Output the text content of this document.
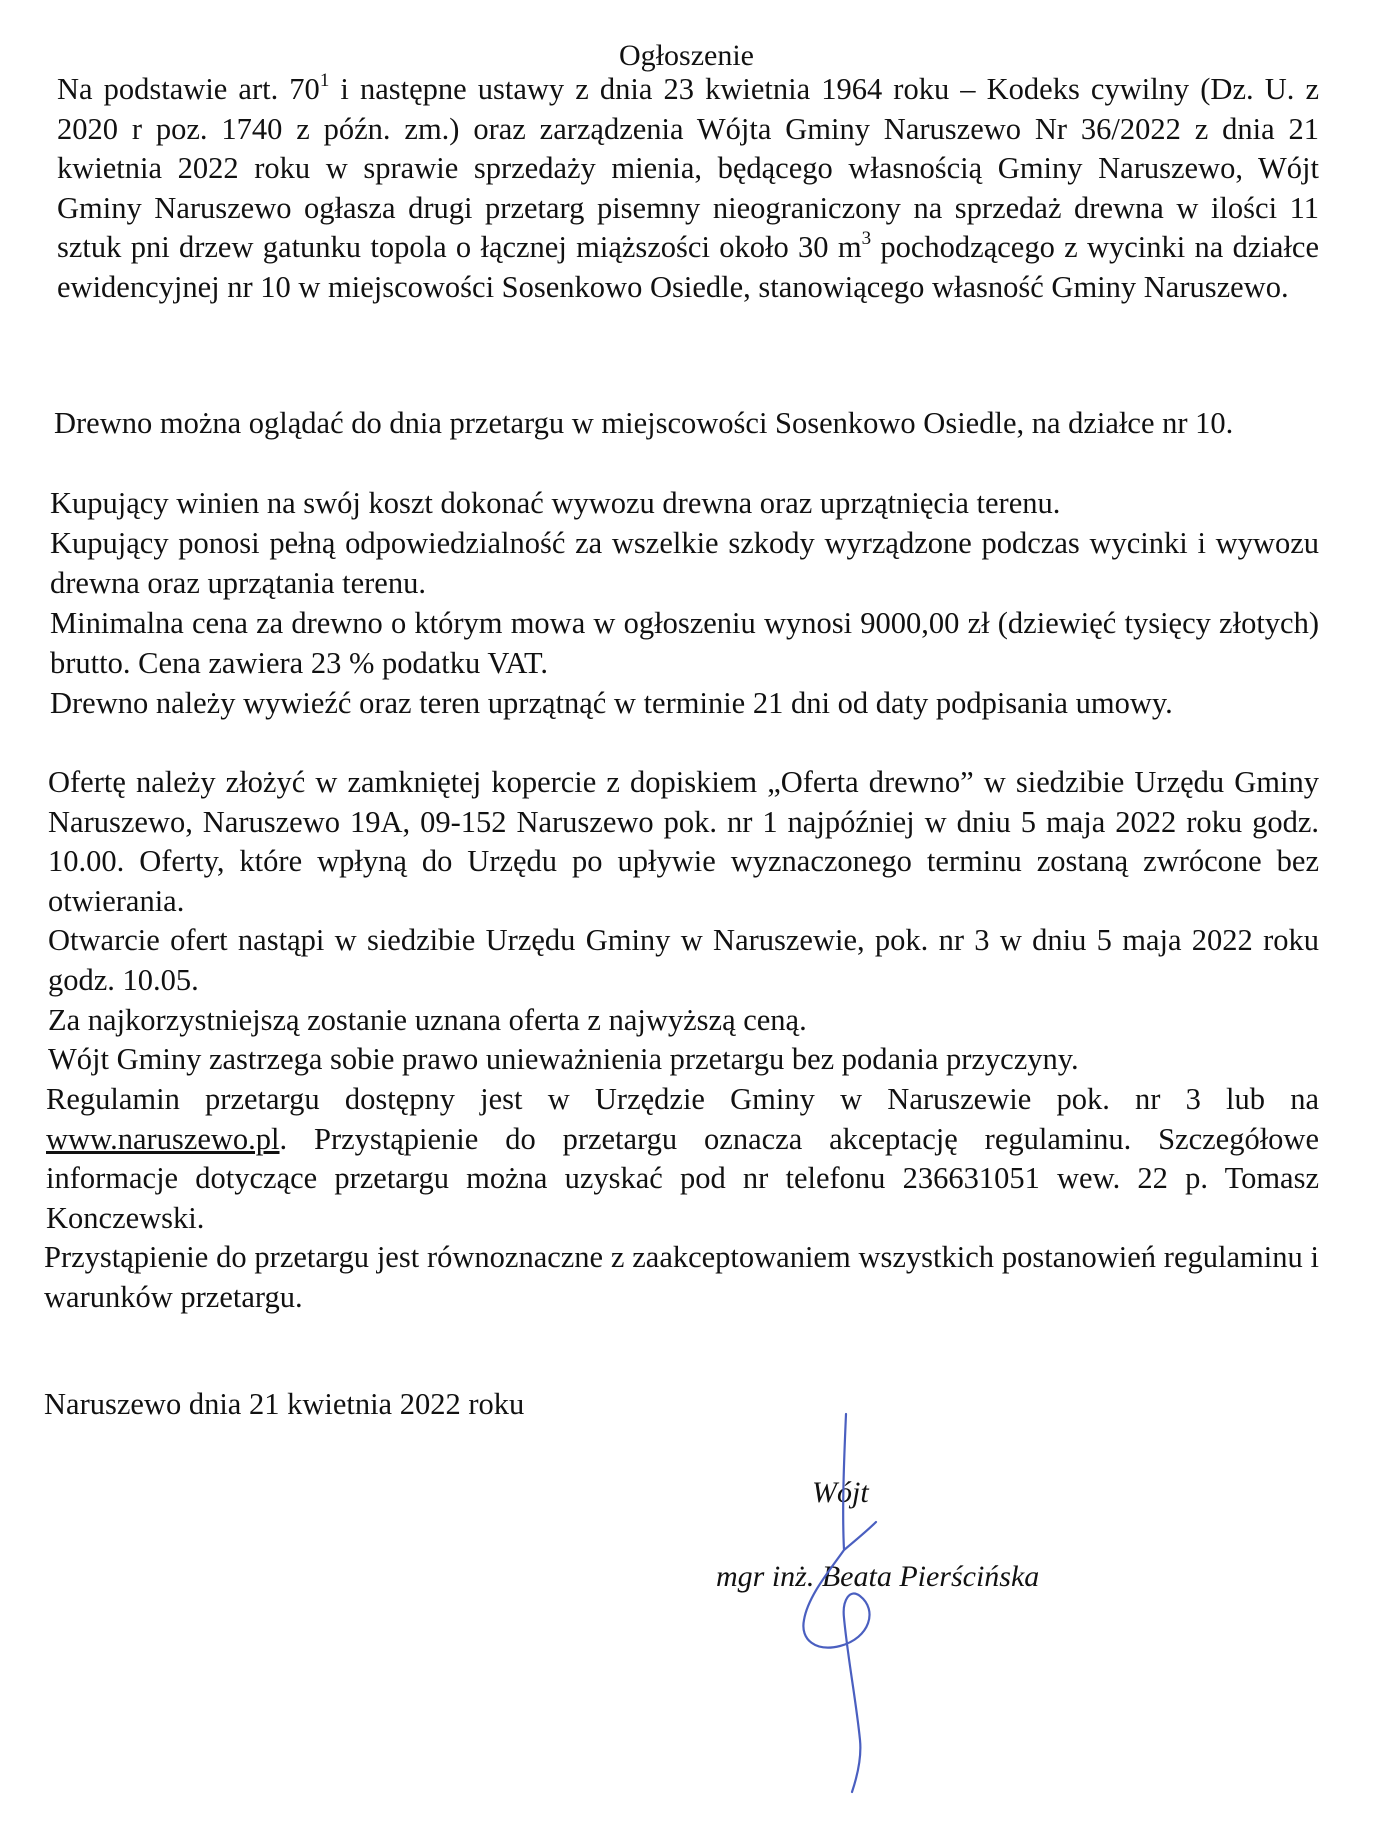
Ogłoszenie

Na podstawie art. $70^1$ i następne ustawy z dnia 23 kwietnia 1964 roku – Kodeks cywilny (Dz. U. z 2020 r poz. 1740 z późn. zm.) oraz zarządzenia Wójta Gminy Naruszewo Nr 36/2022 z dnia 21 kwietnia 2022 roku w sprawie sprzedaży mienia, będącego własnością Gminy Naruszewo, Wójt Gminy Naruszewo ogłasza drugi przetarg pisemny nieograniczony na sprzedaż drewna w ilości 11 sztuk pni drzew gatunku topola o łącznej miąższości około 30 $m^3$ pochodzącego z wycinki na działce ewidencyjnej nr 10 w miejscowości Sosenkowo Osiedle, stanowiącego własność Gminy Naruszewo.

Drewno można oglądać do dnia przetargu w miejscowości Sosenkowo Osiedle, na działce nr 10.

Kupujący winien na swój koszt dokonać wywozu drewna oraz uprzątnięcia terenu.

Kupujący ponosi pełną odpowiedzialność za wszelkie szkody wyrządzone podczas wycinki i wywozu drewna oraz uprzątania terenu.

Minimalna cena za drewno o którym mowa w ogłoszeniu wynosi 9000,00 zł (dziewięć tysięcy złotych) brutto. Cena zawiera 23 % podatku VAT.

Drewno należy wywieźć oraz teren uprzątnąć w terminie 21 dni od daty podpisania umowy.

Ofertę należy złożyć w zamkniętej kopercie z dopiskiem „Oferta drewno” w siedzibie Urzędu Gminy Naruszewo, Naruszewo 19A, 09-152 Naruszewo pok. nr 1 najpóźniej w dniu 5 maja 2022 roku godz. 10.00. Oferty, które wpłyną do Urzędu po upływie wyznaczonego terminu zostaną zwrócone bez otwierania.

Otwarcie ofert nastąpi w siedzibie Urzędu Gminy w Naruszewie, pok. nr 3 w dniu 5 maja 2022 roku godz. 10.05.

Za najkorzystniejszą zostanie uznana oferta z najwyższą ceną.

Wójt Gminy zastrzega sobie prawo unieważnienia przetargu bez podania przyczyny.

Regulamin przetargu dostępny jest w Urzędzie Gminy w Naruszewie pok. nr 3 lub na www.naruszewo.pl. Przystąpienie do przetargu oznacza akceptację regulaminu. Szczegółowe informacje dotyczące przetargu można uzyskać pod nr telefonu 236631051 wew. 22 p. Tomasz Konczewski.

Przystąpienie do przetargu jest równoznaczne z zaakceptowaniem wszystkich postanowień regulaminu i warunków przetargu.

Naruszewo dnia 21 kwietnia 2022 roku

Wójt

mgr inż. Beata Pierścińska
